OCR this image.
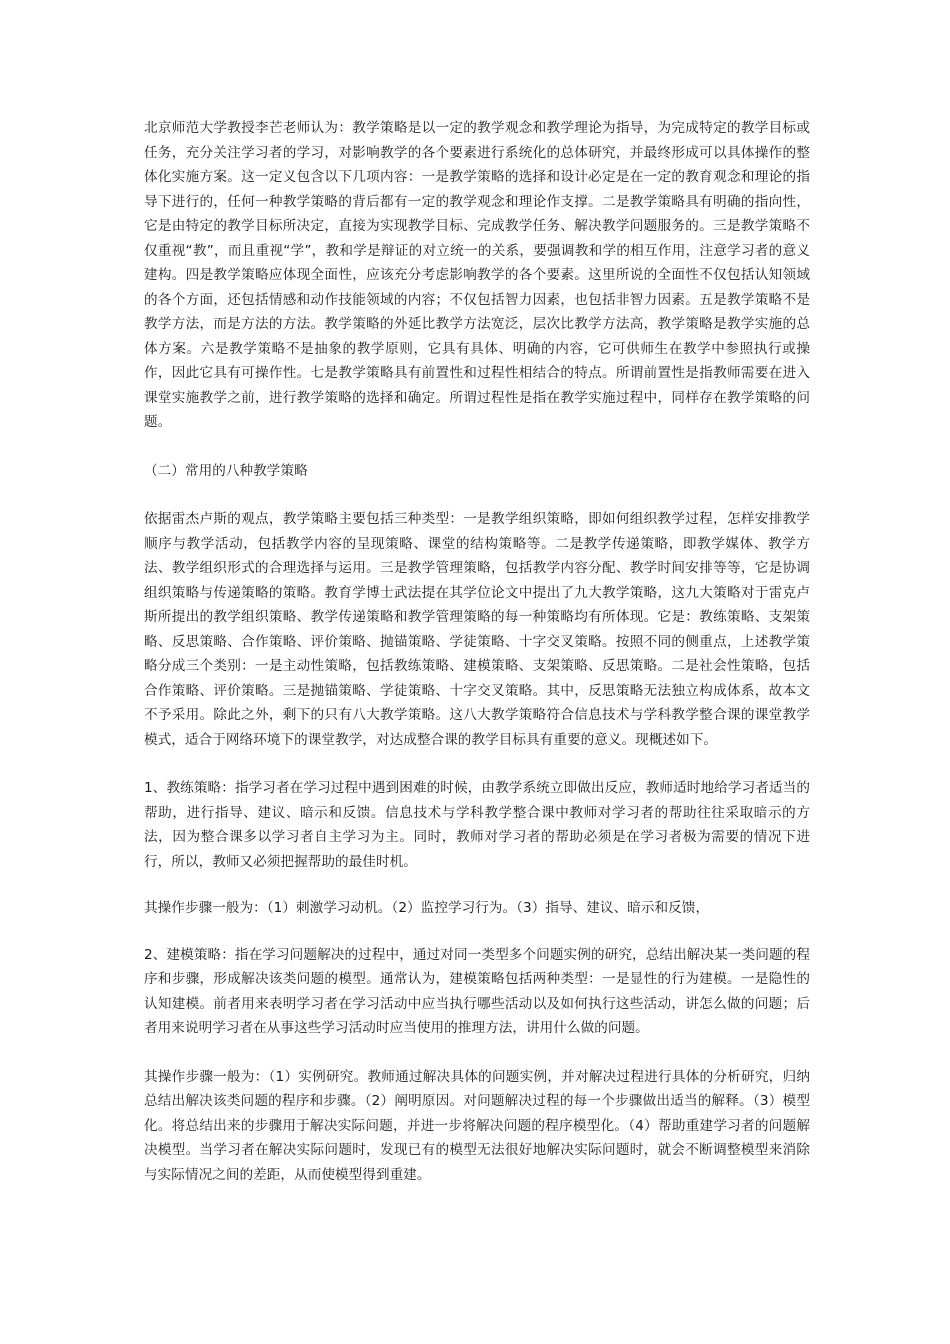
北京师范大学教授李芒老师认为：教学策略是以一定的教学观念和教学理论为指导，为完成特定的教学目标或任务，充分关注学习者的学习，对影响教学的各个要素进行系统化的总体研究，并最终形成可以具体操作的整体化实施方案。这一定义包含以下几项内容：一是教学策略的选择和设计必定是在一定的教育观念和理论的指导下进行的，任何一种教学策略的背后都有一定的教学观念和理论作支撑。二是教学策略具有明确的指向性，它是由特定的教学目标所决定，直接为实现教学目标、完成教学任务、解决教学问题服务的。三是教学策略不仅重视“教”，而且重视“学”，教和学是辩证的对立统一的关系，要强调教和学的相互作用，注意学习者的意义建构。四是教学策略应体现全面性，应该充分考虑影响教学的各个要素。这里所说的全面性不仅包括认知领域的各个方面，还包括情感和动作技能领域的内容；不仅包括智力因素，也包括非智力因素。五是教学策略不是教学方法，而是方法的方法。教学策略的外延比教学方法宽泛，层次比教学方法高，教学策略是教学实施的总体方案。六是教学策略不是抽象的教学原则，它具有具体、明确的内容，它可供师生在教学中参照执行或操作，因此它具有可操作性。七是教学策略具有前置性和过程性相结合的特点。所谓前置性是指教师需要在进入课堂实施教学之前，进行教学策略的选择和确定。所谓过程性是指在教学实施过程中，同样存在教学策略的问题。

（二）常用的八种教学策略

依据雷杰卢斯的观点，教学策略主要包括三种类型：一是教学组织策略，即如何组织教学过程，怎样安排教学顺序与教学活动，包括教学内容的呈现策略、课堂的结构策略等。二是教学传递策略，即教学媒体、教学方法、教学组织形式的合理选择与运用。三是教学管理策略，包括教学内容分配、教学时间安排等等，它是协调组织策略与传递策略的策略。教育学博士武法提在其学位论文中提出了九大教学策略，这九大策略对于雷克卢斯所提出的教学组织策略、教学传递策略和教学管理策略的每一种策略均有所体现。它是：教练策略、支架策略、反思策略、合作策略、评价策略、抛锚策略、学徒策略、十字交叉策略。按照不同的侧重点，上述教学策略分成三个类别：一是主动性策略，包括教练策略、建模策略、支架策略、反思策略。二是社会性策略，包括合作策略、评价策略。三是抛锚策略、学徒策略、十字交叉策略。其中，反思策略无法独立构成体系，故本文不予采用。除此之外，剩下的只有八大教学策略。这八大教学策略符合信息技术与学科教学整合课的课堂教学模式，适合于网络环境下的课堂教学，对达成整合课的教学目标具有重要的意义。现概述如下。

1、教练策略：指学习者在学习过程中遇到困难的时候，由教学系统立即做出反应，教师适时地给学习者适当的帮助，进行指导、建议、暗示和反馈。信息技术与学科教学整合课中教师对学习者的帮助往往采取暗示的方法，因为整合课多以学习者自主学习为主。同时，教师对学习者的帮助必须是在学习者极为需要的情况下进行，所以，教师又必须把握帮助的最佳时机。

其操作步骤一般为：（1）刺激学习动机。（2）监控学习行为。（3）指导、建议、暗示和反馈，

2、建模策略：指在学习问题解决的过程中，通过对同一类型多个问题实例的研究，总结出解决某一类问题的程序和步骤，形成解决该类问题的模型。通常认为，建模策略包括两种类型：一是显性的行为建模。一是隐性的认知建模。前者用来表明学习者在学习活动中应当执行哪些活动以及如何执行这些活动，讲怎么做的问题；后者用来说明学习者在从事这些学习活动时应当使用的推理方法，讲用什么做的问题。

其操作步骤一般为：（1）实例研究。教师通过解决具体的问题实例，并对解决过程进行具体的分析研究，归纳总结出解决该类问题的程序和步骤。（2）阐明原因。对问题解决过程的每一个步骤做出适当的解释。（3）模型化。将总结出来的步骤用于解决实际问题，并进一步将解决问题的程序模型化。（4）帮助重建学习者的问题解决模型。当学习者在解决实际问题时，发现已有的模型无法很好地解决实际问题时，就会不断调整模型来消除与实际情况之间的差距，从而使模型得到重建。
